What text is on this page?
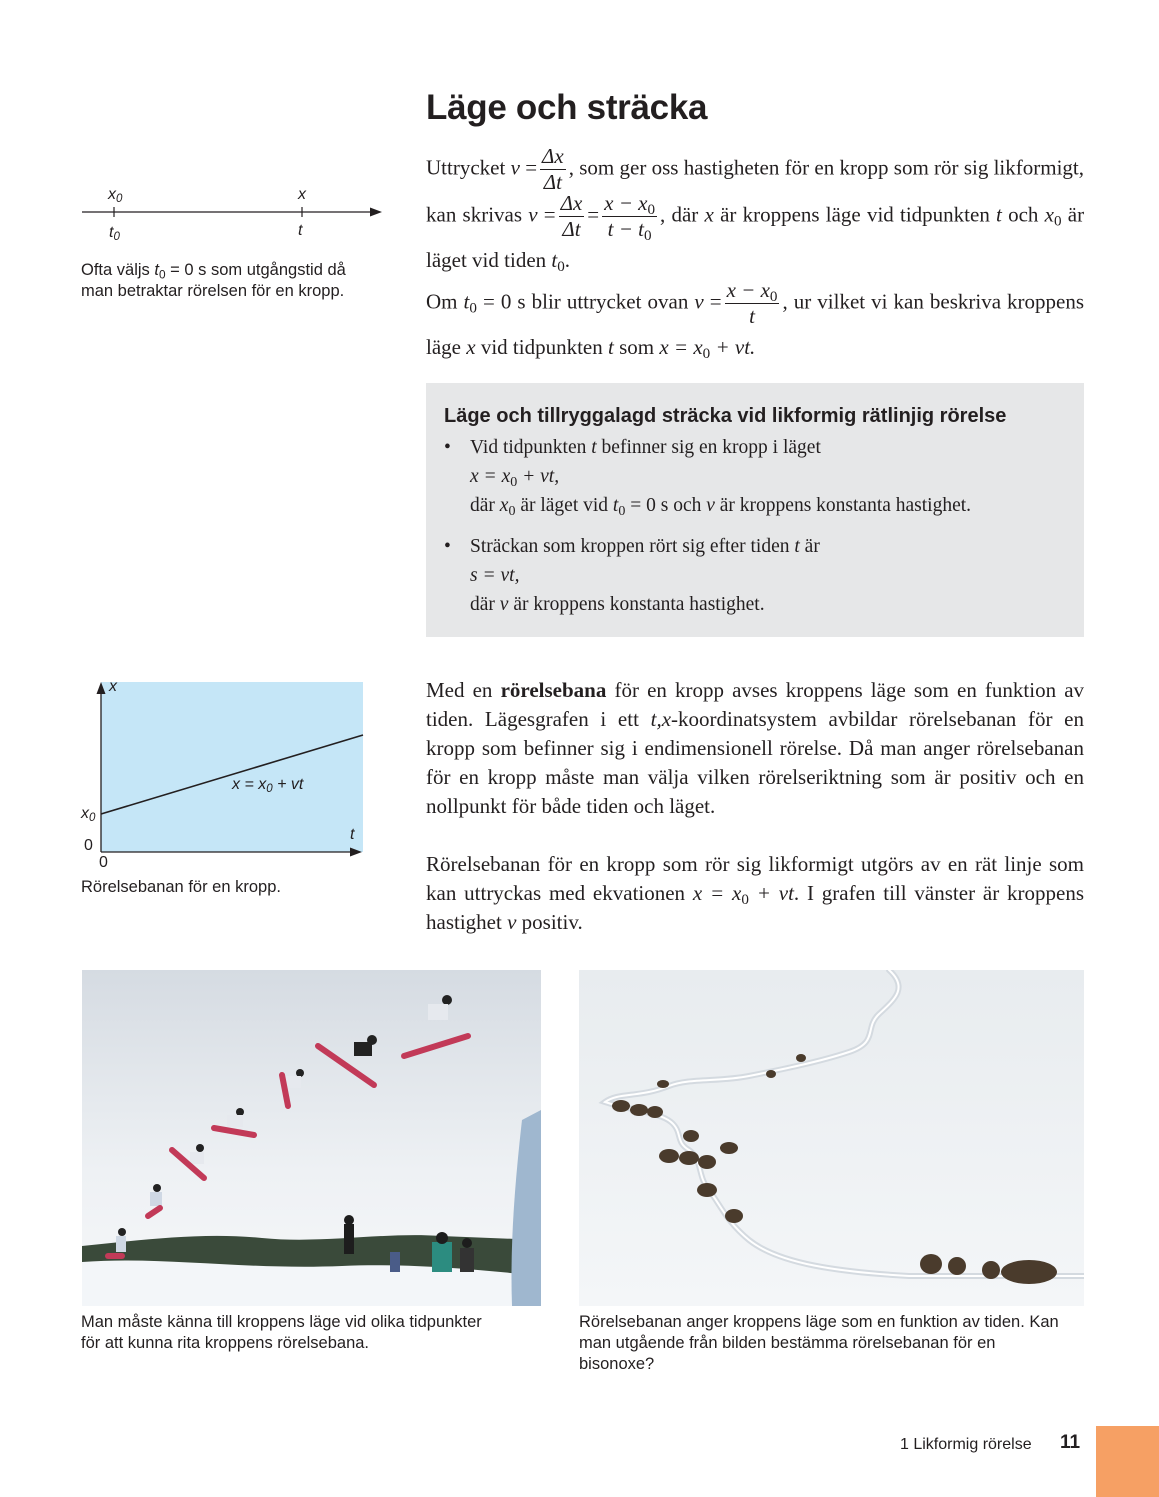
Läge och sträcka
Uttrycket $v = \frac{\Delta x}{\Delta t}$ , som ger oss hastigheten för en kropp som rör sig likformigt, kan skrivas $v = \frac{\Delta x}{\Delta t} = \frac{x - x_0}{t - t_0}$ , där x är kroppens läge vid tidpunkten t och $x_0$ är läget vid tiden $t_0$.
Om $t_0 = 0$ s blir uttrycket ovan $v = \frac{x - x_0}{t}$ , ur vilket vi kan beskriva kroppens läge x vid tidpunkten t som $x = x_0$ + vt.
Läge och tillryggalagd sträcka vid likformig rätlinjig rörelse
• Vid tidpunkten t befinner sig en kropp i läget
$x = x_0$ + vt,
där $x_0$ är läget vid $t_0 = 0$ s och v är kroppens konstanta hastighet.
• Sträckan som kroppen rört sig efter tiden t är
s = vt,
där v är kroppens konstanta hastighet.
Med en rörelsebana för en kropp avses kroppens läge som en funktion av tiden. Lägesgrafen i ett t,x-koordinatsystem avbildar rörelsebanan för en kropp som befinner sig i endimensionell rörelse. Då man anger rörelsebanan för en kropp måste man välja vilken rörelseriktning som är positiv och en nollpunkt för både tiden och läget.
Rörelsebanan för en kropp som rör sig likformigt utgörs av en rät linje som kan uttryckas med ekvationen $x = x_0$ + vt. I grafen till vänster är kroppens hastighet v positiv.
$x_0$	x
$t_0$	t
Ofta väljs $t_0 = 0$ s som utgångstid då man betraktar rörelsen för en kropp.
x
t
$x_0$
0
0
$x = x_0$ + vt
Rörelsebanan för en kropp.
Man måste känna till kroppens läge vid olika tidpunkter för att kunna rita kroppens rörelsebana.
Rörelsebanan anger kroppens läge som en funktion av tiden. Kan man utgående från bilden bestämma rörelsebanan för en bisonoxe?
1 Likformig rörelse 11
